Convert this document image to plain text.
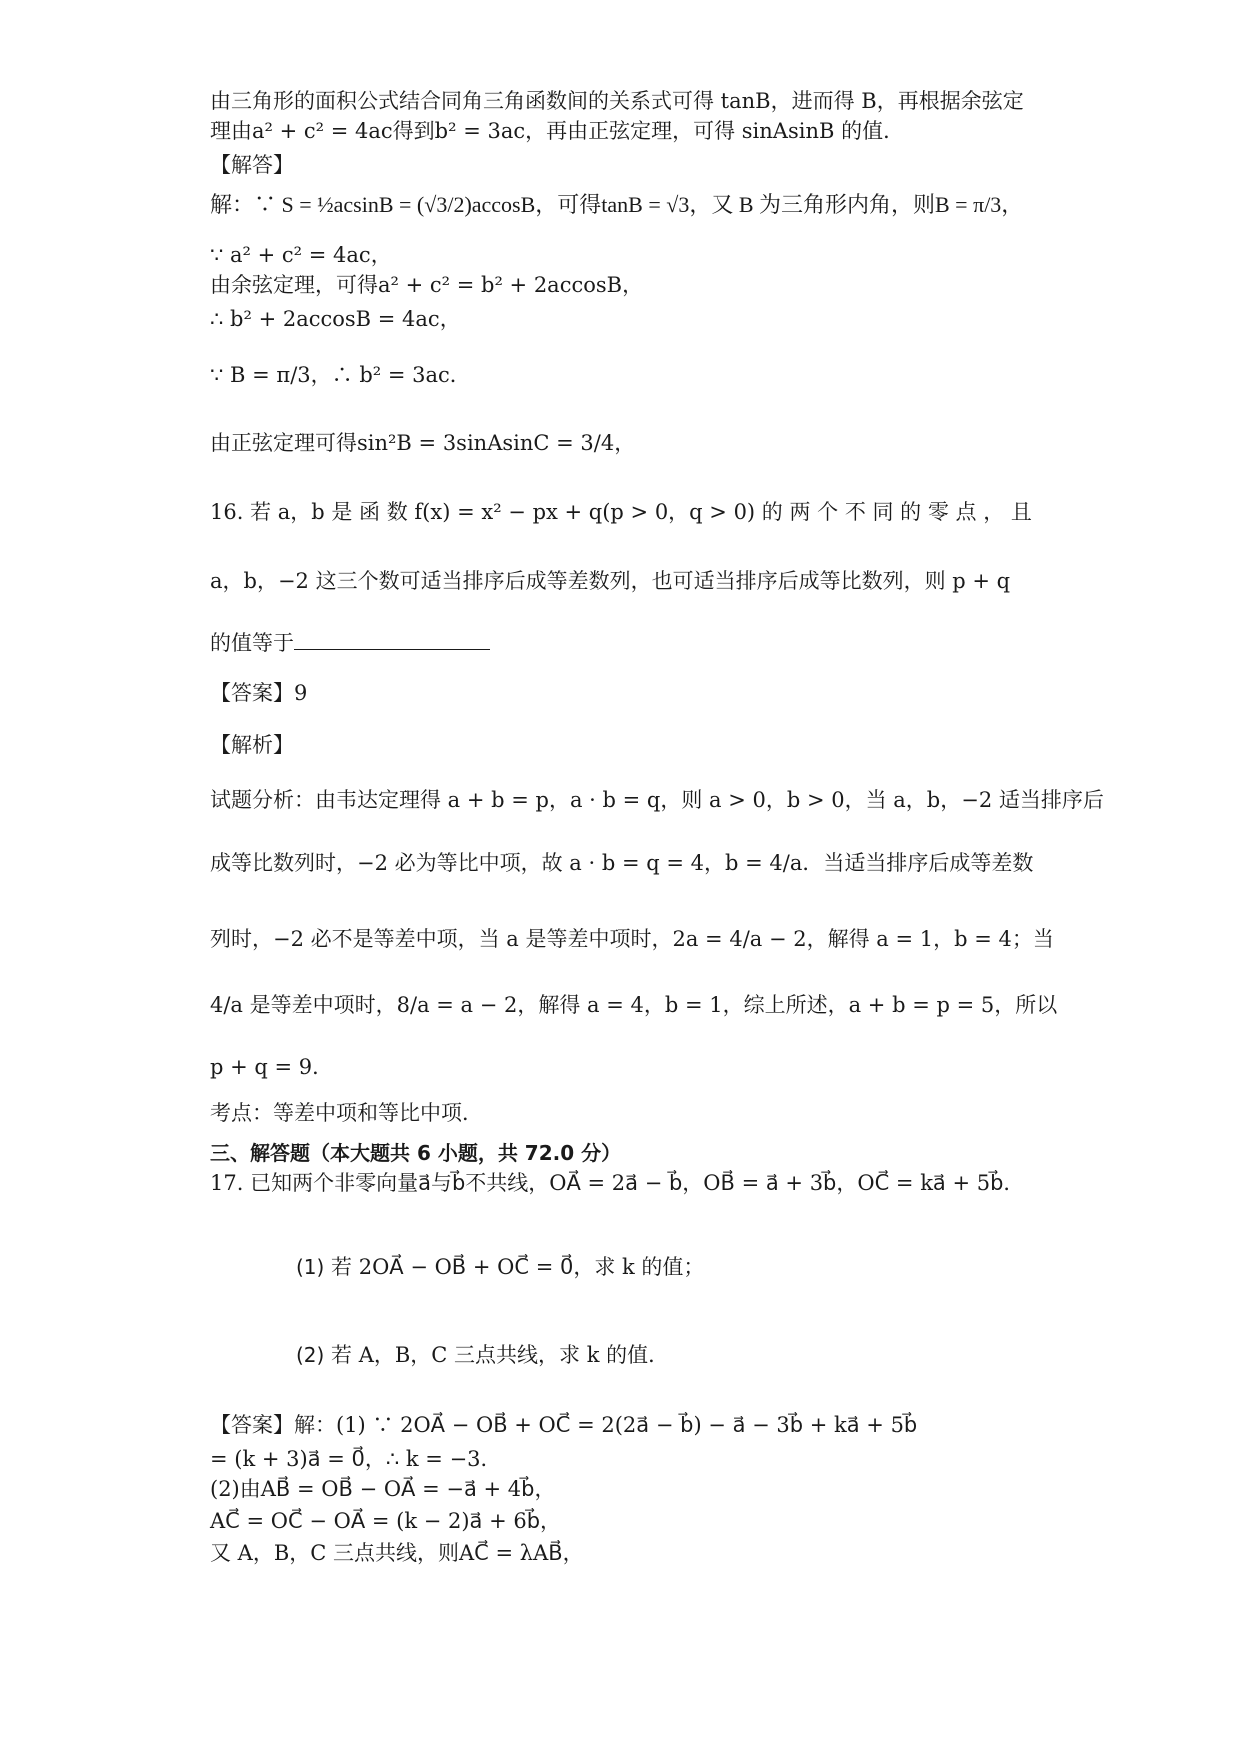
由三角形的面积公式结合同角三角函数间的关系式可得 tanB，进而得 B，再根据余弦定
理由a² + c² = 4ac得到b² = 3ac，再由正弦定理，可得 sinAsinB 的值．
【解答】
解：∵ S = ½acsinB = (√3/2)accosB，可得tanB = √3，又 B 为三角形内角，则B = π/3，
∵ a² + c² = 4ac，
由余弦定理，可得a² + c² = b² + 2accosB，
∴ b² + 2accosB = 4ac，
∵ B = π/3，∴ b² = 3ac．
由正弦定理可得sin²B = 3sinAsinC = 3/4，
16. 若 a，b 是 函 数 f(x) = x² − px + q(p > 0，q > 0) 的 两 个 不 同 的 零 点 ， 且
a，b，−2 这三个数可适当排序后成等差数列，也可适当排序后成等比数列，则 p + q
的值等于
【答案】9
【解析】
试题分析：由韦达定理得 a + b = p，a · b = q，则 a > 0，b > 0，当 a，b，−2 适当排序后
成等比数列时，−2 必为等比中项，故 a · b = q = 4，b = 4/a．当适当排序后成等差数
列时，−2 必不是等差中项，当 a 是等差中项时，2a = 4/a − 2，解得 a = 1，b = 4；当
4/a 是等差中项时，8/a = a − 2，解得 a = 4，b = 1，综上所述，a + b = p = 5，所以
p + q = 9．
考点：等差中项和等比中项．
三、解答题（本大题共 6 小题，共 72.0 分）
17. 已知两个非零向量a⃗与b⃗不共线，OA⃗ = 2a⃗ − b⃗，OB⃗ = a⃗ + 3b⃗，OC⃗ = ka⃗ + 5b⃗．
(1) 若 2OA⃗ − OB⃗ + OC⃗ = 0⃗，求 k 的值；
(2) 若 A，B，C 三点共线，求 k 的值．
【答案】解：(1) ∵ 2OA⃗ − OB⃗ + OC⃗ = 2(2a⃗ − b⃗) − a⃗ − 3b⃗ + ka⃗ + 5b⃗
= (k + 3)a⃗ = 0⃗，∴ k = −3．
(2)由AB⃗ = OB⃗ − OA⃗ = −a⃗ + 4b⃗，
AC⃗ = OC⃗ − OA⃗ = (k − 2)a⃗ + 6b⃗，
又 A，B，C 三点共线，则AC⃗ = λAB⃗，
